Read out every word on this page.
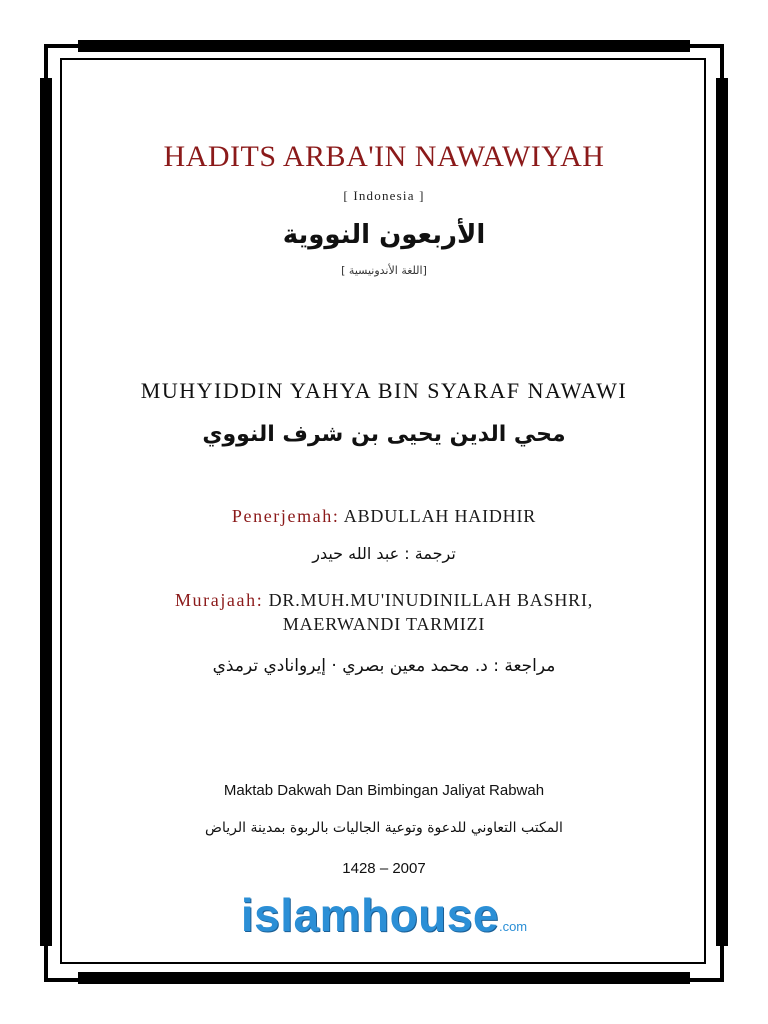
HADITS ARBA'IN NAWAWIYAH
[ Indonesia ]
الأربعون النووية
[اللغة الأندونيسية ]
MUHYIDDIN YAHYA BIN SYARAF NAWAWI
محي الدين يحيى بن شرف النووي
Penerjemah: ABDULLAH HAIDHIR
ترجمة : عبد الله حيدر
Murajaah: DR.MUH.MU'INUDINILLAH BASHRI,
MAERWANDI TARMIZI
مراجعة : د. محمد معين بصري · إيروانادي ترمذي
Maktab Dakwah Dan Bimbingan Jaliyat Rabwah
المكتب التعاوني للدعوة وتوعية الجاليات بالربوة بمدينة الرياض
1428 – 2007
islamhouse.com
